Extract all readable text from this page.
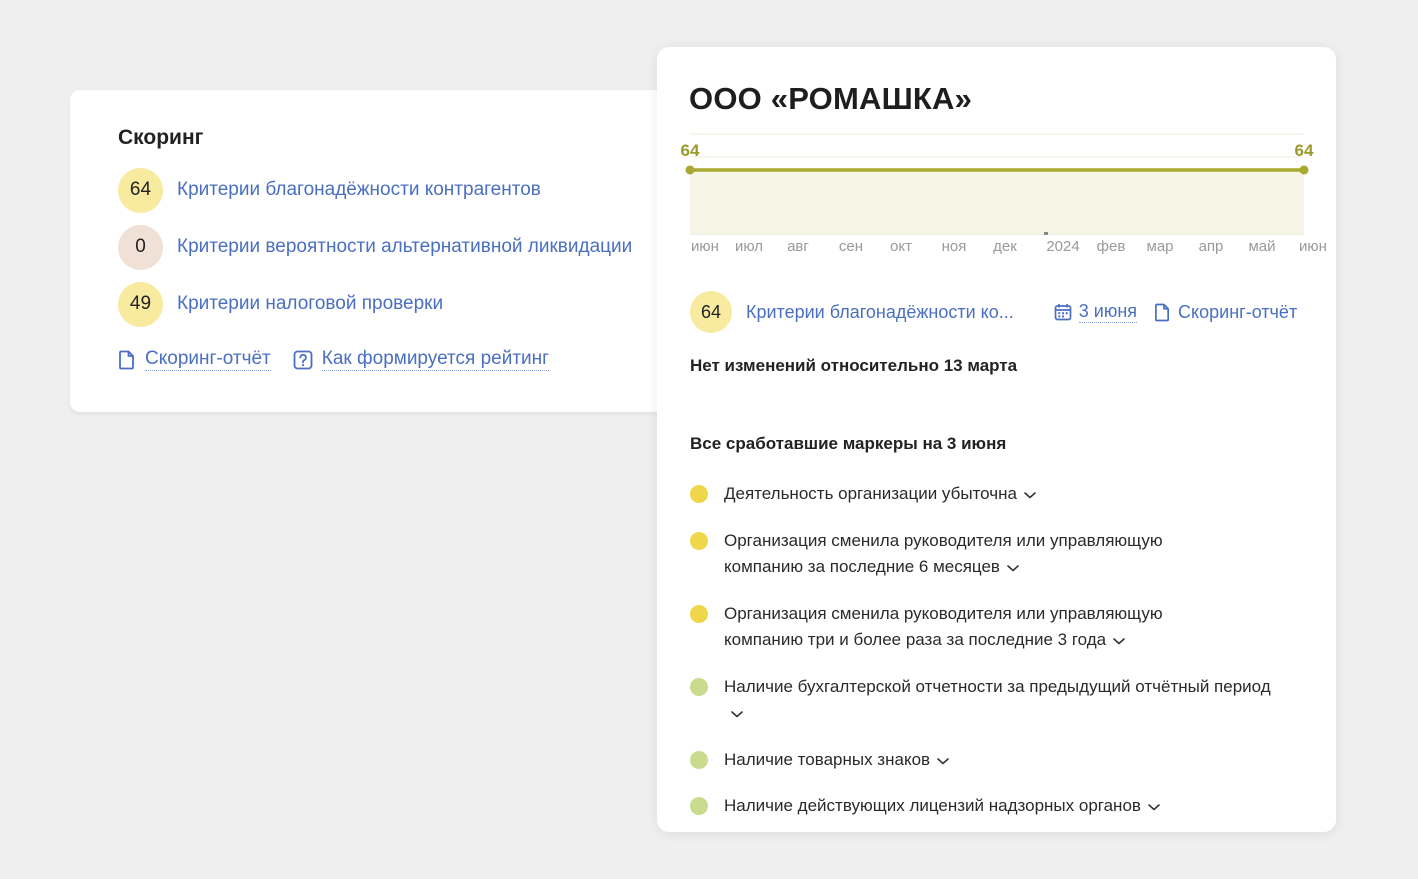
Скоринг
64	Критерии благонадёжности контрагентов
0	Критерии вероятности альтернативной ликвидации
49	Критерии налоговой проверки
Скоринг-отчёт	Как формируется рейтинг
ООО «РОМАШКА»
64	64
июн июл авг сен окт ноя дек 2024 фев мар апр май июн
64	Критерии благонадёжности ко...	3 июня Скоринг-отчёт
Нет изменений относительно 13 марта
Все сработавшие маркеры на 3 июня
Деятельность организации убыточна
Организация сменила руководителя или управляющую компанию за последние 6 месяцев
Организация сменила руководителя или управляющую компанию три и более раза за последние 3 года
Наличие бухгалтерской отчетности за предыдущий отчётный период
Наличие товарных знаков
Наличие действующих лицензий надзорных органов
